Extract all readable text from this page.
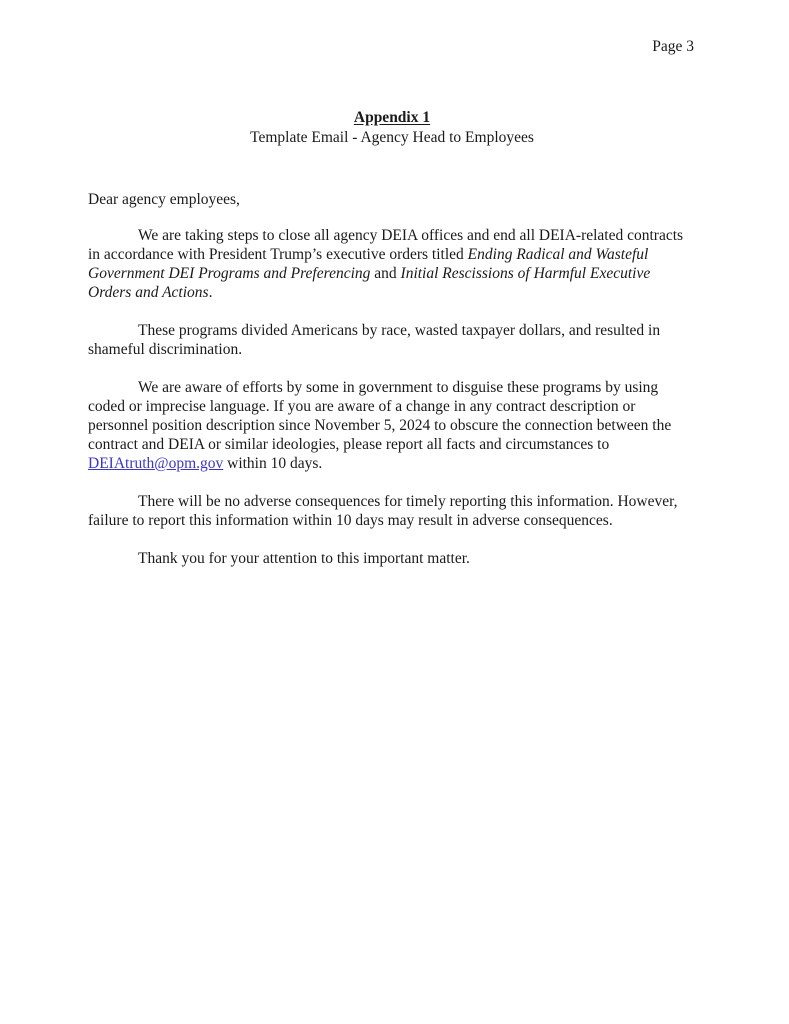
Page 3
Appendix 1
Template Email - Agency Head to Employees
Dear agency employees,

We are taking steps to close all agency DEIA offices and end all DEIA-related contracts in accordance with President Trump’s executive orders titled Ending Radical and Wasteful Government DEI Programs and Preferencing and Initial Rescissions of Harmful Executive Orders and Actions.

These programs divided Americans by race, wasted taxpayer dollars, and resulted in shameful discrimination.

We are aware of efforts by some in government to disguise these programs by using coded or imprecise language. If you are aware of a change in any contract description or personnel position description since November 5, 2024 to obscure the connection between the contract and DEIA or similar ideologies, please report all facts and circumstances to DEIAtruth@opm.gov within 10 days.

There will be no adverse consequences for timely reporting this information. However, failure to report this information within 10 days may result in adverse consequences.

Thank you for your attention to this important matter.
